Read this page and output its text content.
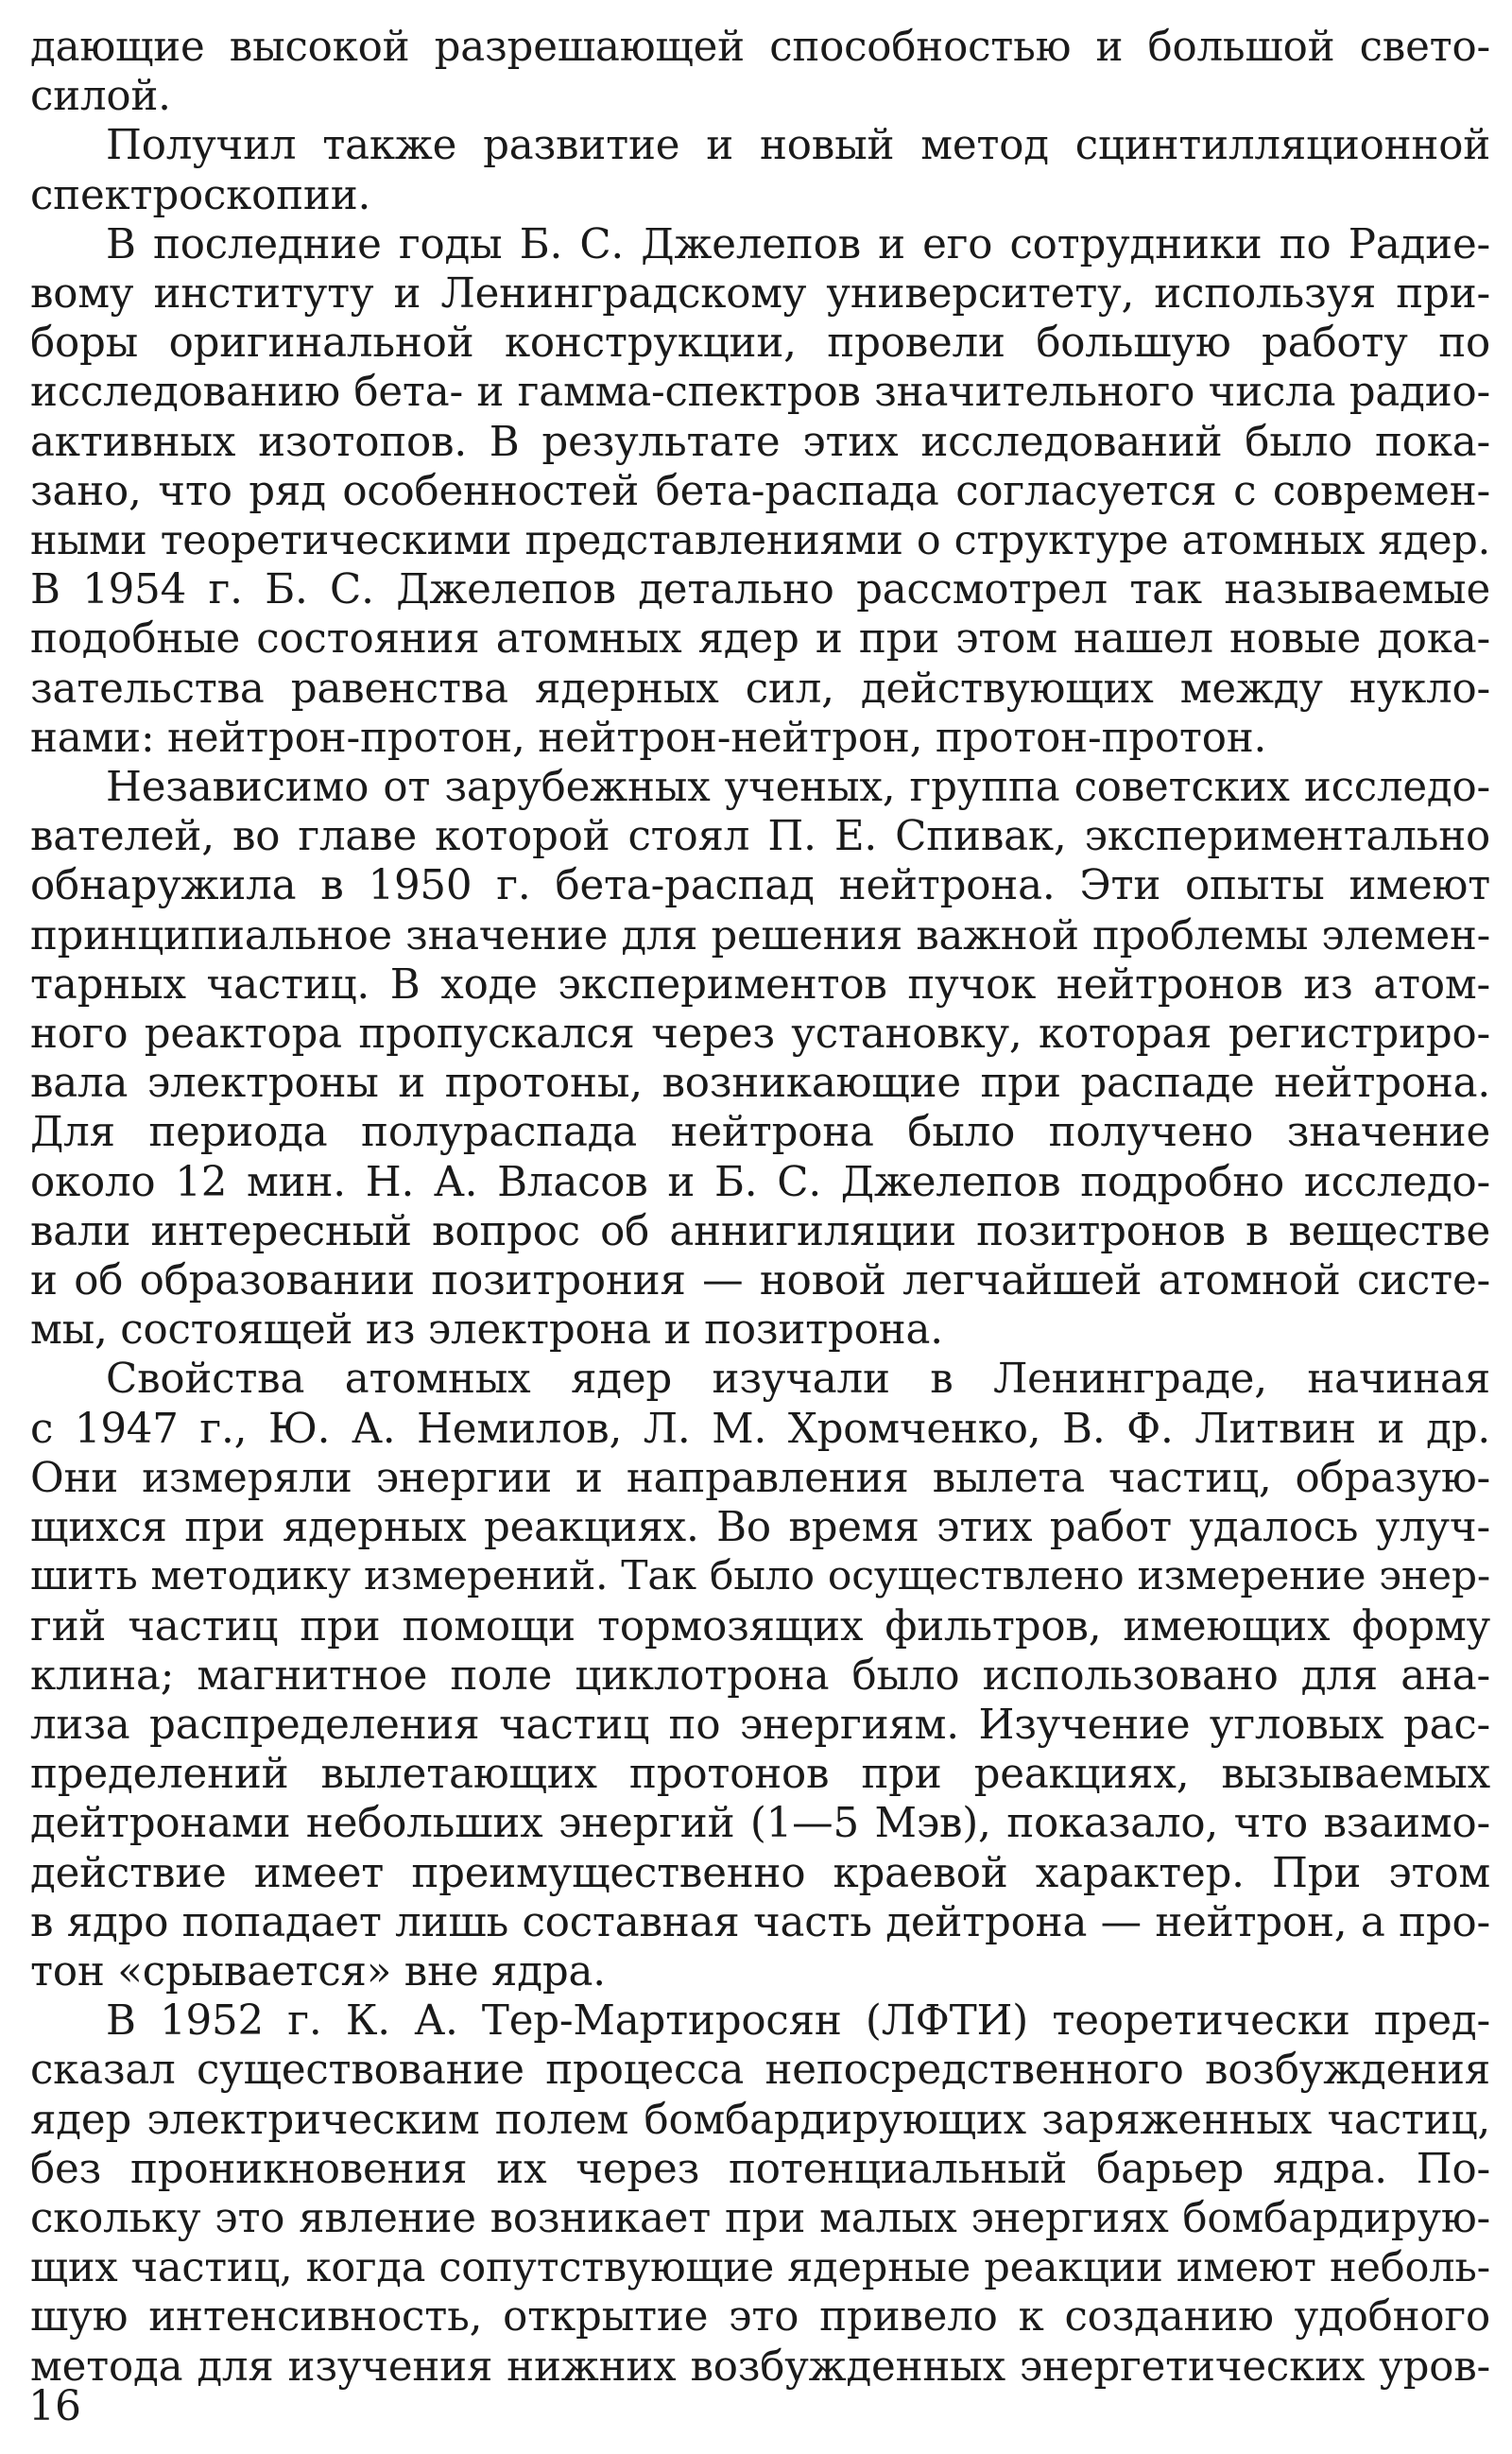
дающие высокой разрешающей способностью и большой свето-
силой.

Получил также развитие и новый метод сцинтилляционной
спектроскопии.

В последние годы Б. С. Джелепов и его сотрудники по Радие-
вому институту и Ленинградскому университету, используя при-
боры оригинальной конструкции, провели большую работу по
исследованию бета- и гамма-спектров значительного числа радио-
активных изотопов. В результате этих исследований было пока-
зано, что ряд особенностей бета-распада согласуется с современ-
ными теоретическими представлениями о структуре атомных ядер.
В 1954 г. Б. С. Джелепов детально рассмотрел так называемые
подобные состояния атомных ядер и при этом нашел новые дока-
зательства равенства ядерных сил, действующих между нукло-
нами: нейтрон-протон, нейтрон-нейтрон, протон-протон.

Независимо от зарубежных ученых, группа советских исследо-
вателей, во главе которой стоял П. Е. Спивак, экспериментально
обнаружила в 1950 г. бета-распад нейтрона. Эти опыты имеют
принципиальное значение для решения важной проблемы элемен-
тарных частиц. В ходе экспериментов пучок нейтронов из атом-
ного реактора пропускался через установку, которая регистриро-
вала электроны и протоны, возникающие при распаде нейтрона.
Для периода полураспада нейтрона было получено значение
около 12 мин. Н. А. Власов и Б. С. Джелепов подробно исследо-
вали интересный вопрос об аннигиляции позитронов в веществе
и об образовании позитрония — новой легчайшей атомной систе-
мы, состоящей из электрона и позитрона.

Свойства атомных ядер изучали в Ленинграде, начиная
с 1947 г., Ю. А. Немилов, Л. М. Хромченко, В. Ф. Литвин и др.
Они измеряли энергии и направления вылета частиц, образую-
щихся при ядерных реакциях. Во время этих работ удалось улуч-
шить методику измерений. Так было осуществлено измерение энер-
гий частиц при помощи тормозящих фильтров, имеющих форму
клина; магнитное поле циклотрона было использовано для ана-
лиза распределения частиц по энергиям. Изучение угловых рас-
пределений вылетающих протонов при реакциях, вызываемых
дейтронами небольших энергий (1—5 Мэв), показало, что взаимо-
действие имеет преимущественно краевой характер. При этом
в ядро попадает лишь составная часть дейтрона — нейтрон, а про-
тон «срывается» вне ядра.

В 1952 г. К. А. Тер-Мартиросян (ЛФТИ) теоретически пред-
сказал существование процесса непосредственного возбуждения
ядер электрическим полем бомбардирующих заряженных частиц,
без проникновения их через потенциальный барьер ядра. По-
скольку это явление возникает при малых энергиях бомбардирую-
щих частиц, когда сопутствующие ядерные реакции имеют неболь-
шую интенсивность, открытие это привело к созданию удобного
метода для изучения нижних возбужденных энергетических уров-

16
